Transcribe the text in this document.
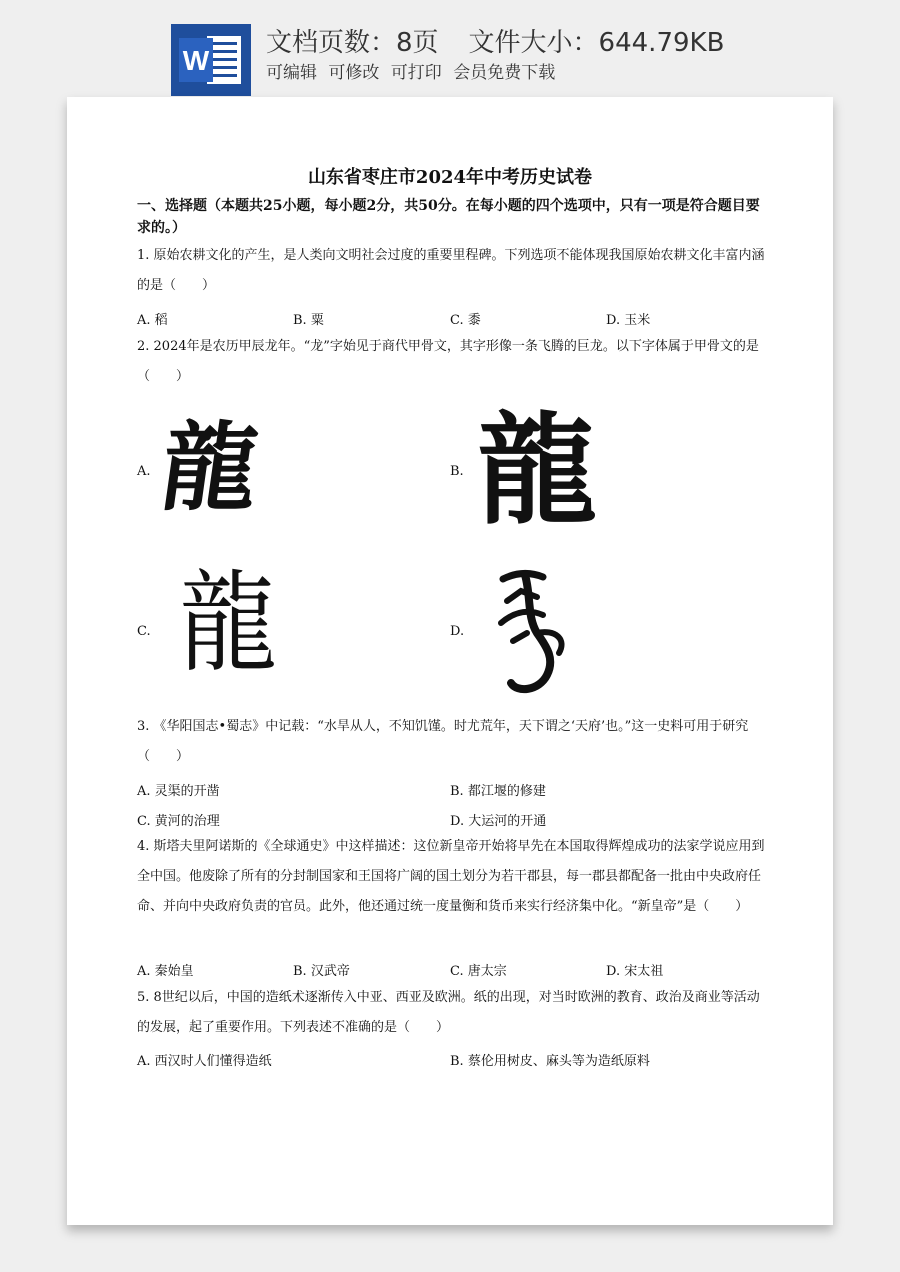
W
文档页数：8页 文件大小：644.79KB
可编辑 可修改 可打印 会员免费下载
山东省枣庄市2024年中考历史试卷
一、选择题（本题共25小题，每小题2分，共50分。在每小题的四个选项中，只有一项是符合题目要求的。）
1. 原始农耕文化的产生，是人类向文明社会过度的重要里程碑。下列选项不能体现我国原始农耕文化丰富内涵的是（　　）
A. 稻	B. 粟	C. 黍	D. 玉米
2. 2024年是农历甲辰龙年。“龙”字始见于商代甲骨文，其字形像一条飞腾的巨龙。以下字体属于甲骨文的是（　　）
A. 龍	B. 龍
C. 龍	D.
3. 《华阳国志•蜀志》中记载：“水旱从人，不知饥馑。时尤荒年，天下谓之‘天府’也。”这一史料可用于研究（　　）
A. 灵渠的开凿	B. 都江堰的修建
C. 黄河的治理	D. 大运河的开通
4. 斯塔夫里阿诺斯的《全球通史》中这样描述：这位新皇帝开始将早先在本国取得辉煌成功的法家学说应用到全中国。他废除了所有的分封制国家和王国将广阔的国土划分为若干郡县，每一郡县都配备一批由中央政府任命、并向中央政府负责的官员。此外，他还通过统一度量衡和货币来实行经济集中化。“新皇帝”是（　　）
A. 秦始皇	B. 汉武帝	C. 唐太宗	D. 宋太祖
5. 8世纪以后，中国的造纸术逐渐传入中亚、西亚及欧洲。纸的出现，对当时欧洲的教育、政治及商业等活动的发展，起了重要作用。下列表述不准确的是（　　）
A. 西汉时人们懂得造纸	B. 蔡伦用树皮、麻头等为造纸原料
